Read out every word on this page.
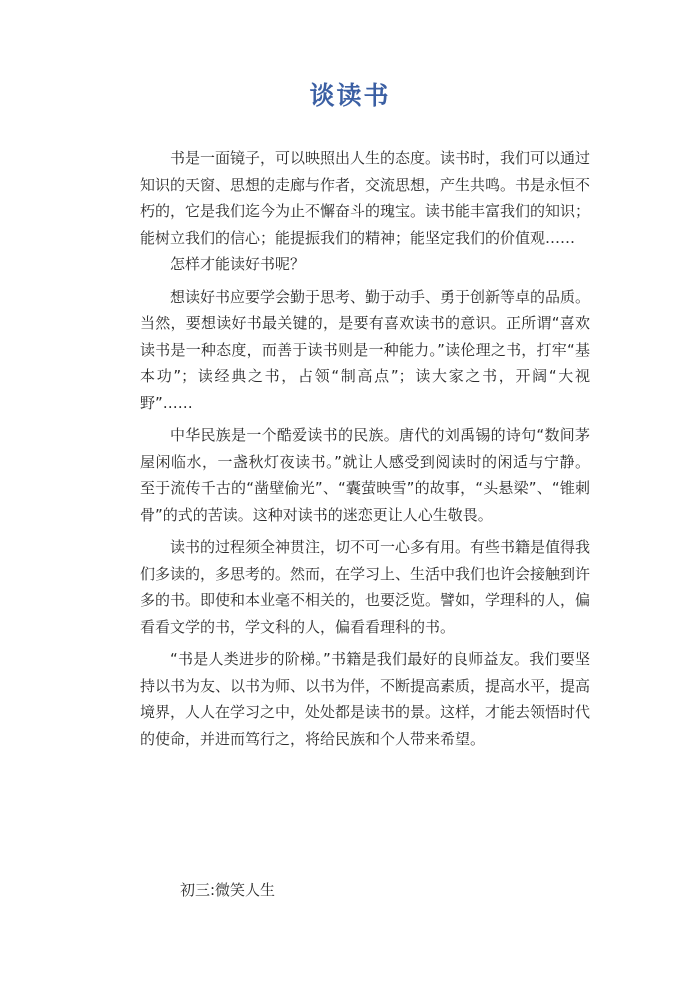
谈读书

书是一面镜子，可以映照出人生的态度。读书时，我们可以通过知识的天窗、思想的走廊与作者，交流思想，产生共鸣。书是永恒不朽的，它是我们迄今为止不懈奋斗的瑰宝。读书能丰富我们的知识；能树立我们的信心；能提振我们的精神；能坚定我们的价值观……

怎样才能读好书呢？

想读好书应要学会勤于思考、勤于动手、勇于创新等卓的品质。当然，要想读好书最关键的，是要有喜欢读书的意识。正所谓“喜欢读书是一种态度，而善于读书则是一种能力。”读伦理之书，打牢“基本功”；读经典之书，占领“制高点”；读大家之书，开阔“大视野”……

中华民族是一个酷爱读书的民族。唐代的刘禹锡的诗句“数间茅屋闲临水，一盏秋灯夜读书。”就让人感受到阅读时的闲适与宁静。至于流传千古的“凿壁偷光”、“囊萤映雪”的故事，“头悬梁”、“锥刺骨”的式的苦读。这种对读书的迷恋更让人心生敬畏。

读书的过程须全神贯注，切不可一心多有用。有些书籍是值得我们多读的，多思考的。然而，在学习上、生活中我们也许会接触到许多的书。即使和本业毫不相关的，也要泛览。譬如，学理科的人，偏看看文学的书，学文科的人，偏看看理科的书。

“书是人类进步的阶梯。”书籍是我们最好的良师益友。我们要坚持以书为友、以书为师、以书为伴，不断提高素质，提高水平，提高境界，人人在学习之中，处处都是读书的景。这样，才能去领悟时代的使命，并进而笃行之，将给民族和个人带来希望。

初三:微笑人生
